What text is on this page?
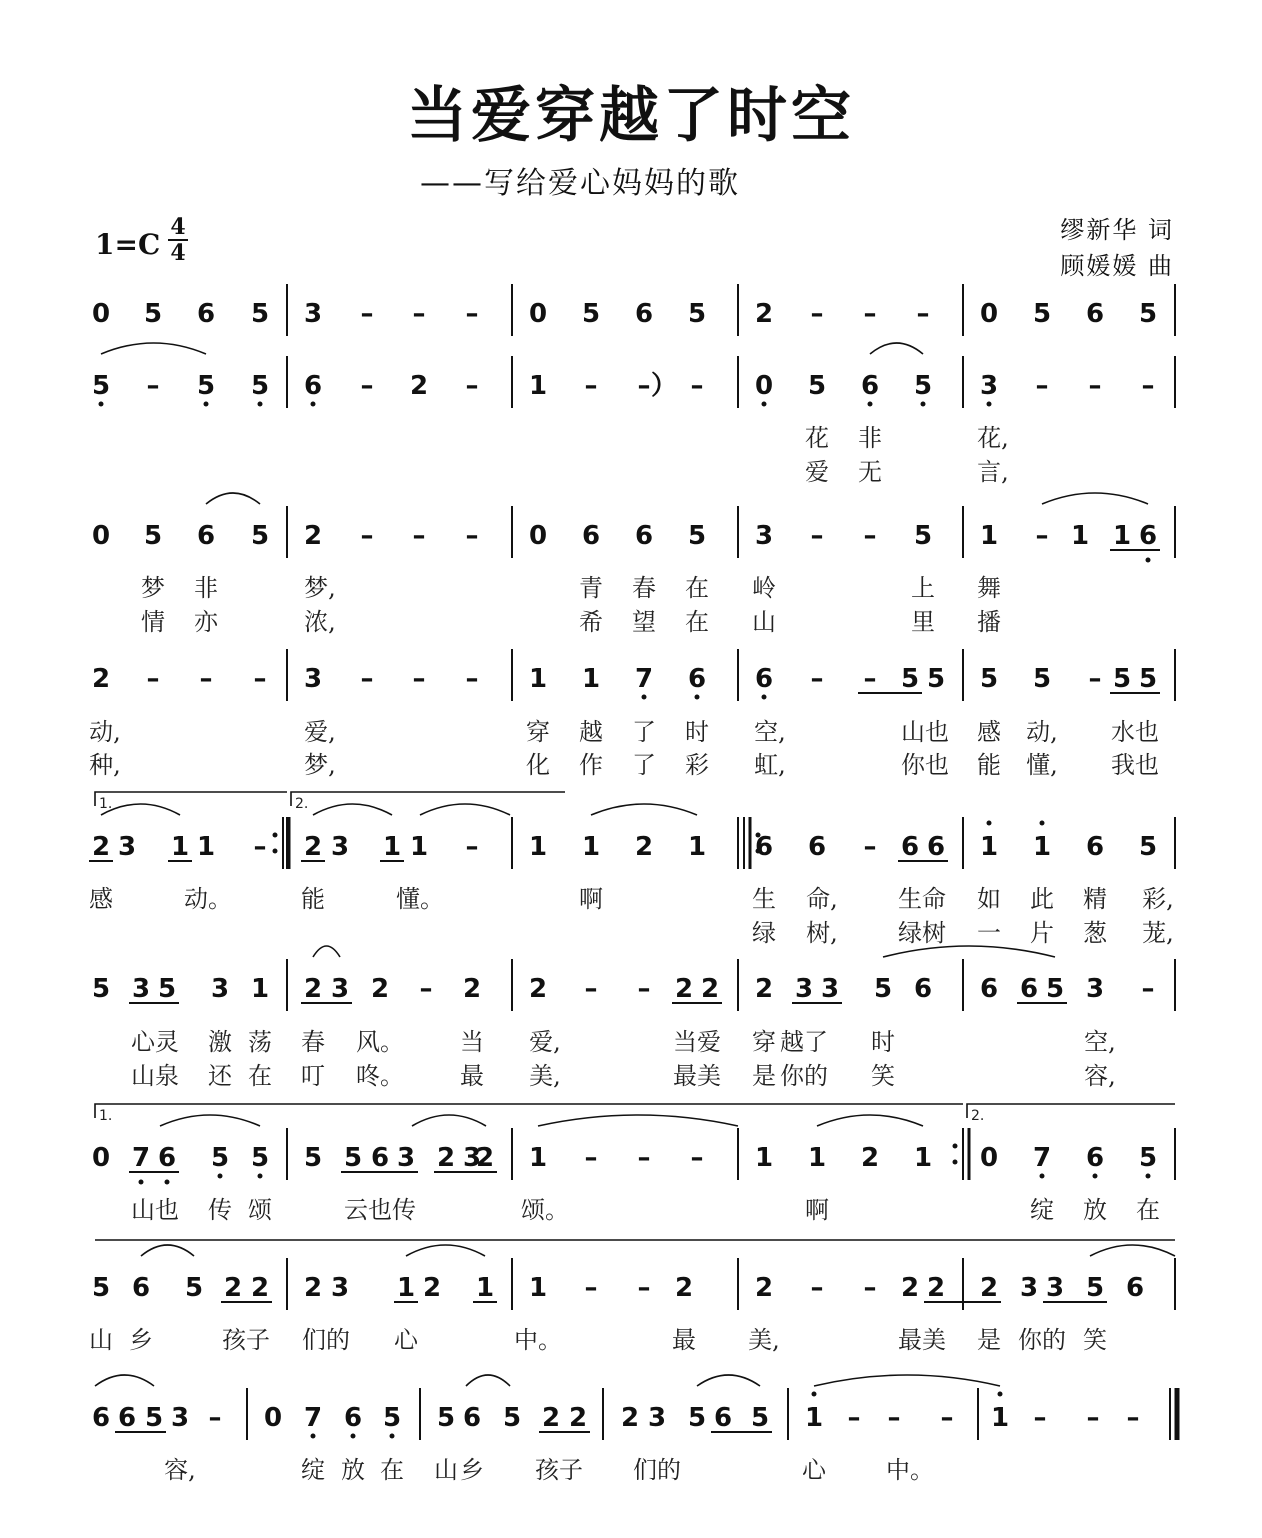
当爱穿越了时空
——写给爱心妈妈的歌
1=C
4
4
缪新华 词
顾媛媛 曲
0 5 6 5 3 – – – 0 5 6 5 2 – – – 0 5 6 5
5 – 5 5 6 – 2 – 1 – – ） – 0 5 6 5 3 – – –
花 非	花,
爱 无	言,
0 5 6 5 2 – – – 0 6 6 5 3 – – 5 1 – 1 1 6
梦 非	梦,	青 春 在 岭	上 舞
情 亦	浓,	希 望 在 山	里 播
2 – – – 3 – – – 1 1 7 6 6 – – 5 5 5 5 – 5 5
动,	爱,	穿 越 了 时 空,	山也 感 动, 水也
种,	梦,	化 作 了 彩 虹,	你也 能 懂, 我也
2 3 1 1 – 2 3 1 1 – 1 1 2 1 6 6 – 6 6 1 1 6 5
感	动。	能	懂。	啊	生 命,	生命 如 此 精 彩,
绿 树,	绿树 一 片 葱 茏,
5 3 5 3 1 2 3 2 – 2 2 – – 2 2 2 3 3 5 6 6 6 5 3 –
心灵 激 荡 春 风。 当 爱,	当爱 穿 越了 时	空,
山泉 还 在 叮 咚。 最 美,	最美 是 你的 笑	容,
0 7 6 5 5 5 5 6 3 2 3
2 1 – – – 1 1 2 1 0 7 6 5
山也 传 颂	云也传	颂。	啊	绽 放 在
5 6 5 2 2 2 3 1 2 1 1 – – 2 2 – – 2 2 2 3 3 5 6
山 乡	孩子 们的 心	中。	最 美,	最美 是 你的 笑
6 6 5 3 – 0 7 6 5 5 6 5 2 2 2 3 5 6 5 1 – – – 1 – – –
容,	绽 放 在 山 乡 孩子 们的	心	中。
1.	2.
1.	2.
